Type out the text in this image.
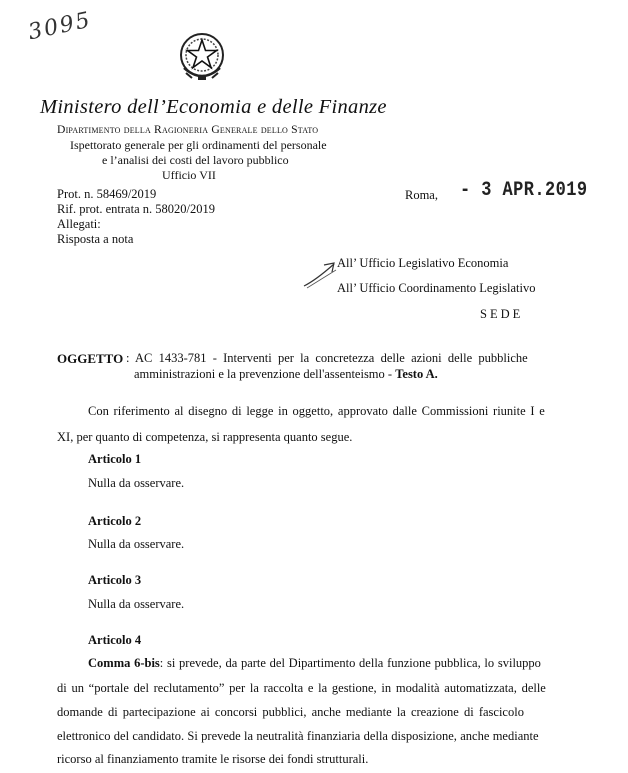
3095
Ministero dell’Economia e delle Finanze
Dipartimento della Ragioneria Generale dello Stato
Ispettorato generale per gli ordinamenti del personale
e l’analisi dei costi del lavoro pubblico
Ufficio VII
Prot. n. 58469/2019
Rif. prot. entrata n. 58020/2019
Allegati:
Risposta a nota
Roma, - 3 APR.2019
All’ Ufficio Legislativo Economia
All’ Ufficio Coordinamento Legislativo
SEDE
OGGETTO : AC 1433-781 - Interventi per la concretezza delle azioni delle pubbliche
amministrazioni e la prevenzione dell'assenteismo - Testo A.
Con riferimento al disegno di legge in oggetto, approvato dalle Commissioni riunite I e
XI, per quanto di competenza, si rappresenta quanto segue.
Articolo 1
Nulla da osservare.
Articolo 2
Nulla da osservare.
Articolo 3
Nulla da osservare.
Articolo 4
Comma 6-bis: si prevede, da parte del Dipartimento della funzione pubblica, lo sviluppo
di un “portale del reclutamento” per la raccolta e la gestione, in modalità automatizzata, delle
domande di partecipazione ai concorsi pubblici, anche mediante la creazione di fascicolo
elettronico del candidato. Si prevede la neutralità finanziaria della disposizione, anche mediante
ricorso al finanziamento tramite le risorse dei fondi strutturali.
